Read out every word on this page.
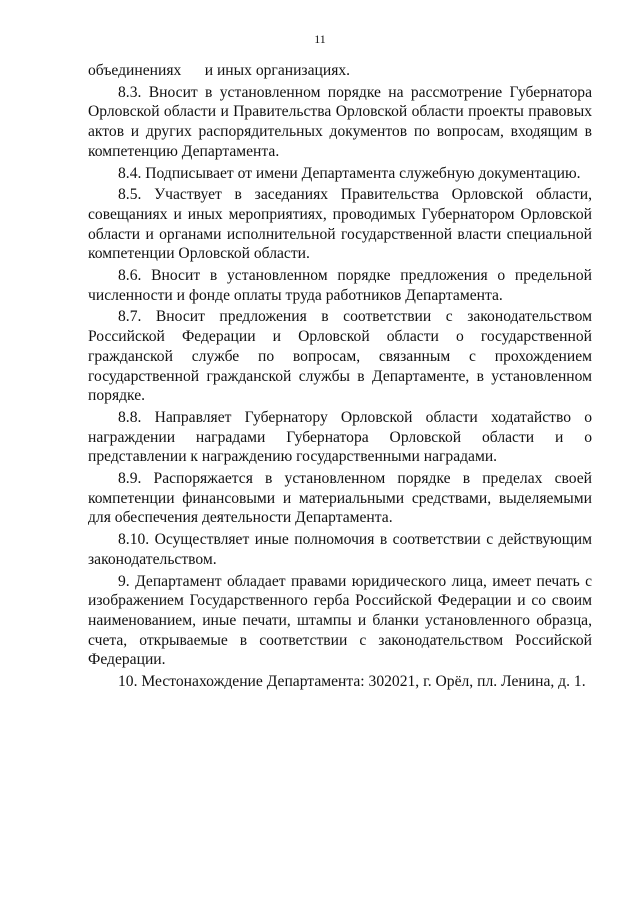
11

объединениях      и иных организациях.

8.3. Вносит в установленном порядке на рассмотрение Губернатора Орловской области и Правительства Орловской области проекты правовых актов и других распорядительных документов по вопросам, входящим в компетенцию Департамента.

8.4. Подписывает от имени Департамента служебную документацию.

8.5. Участвует в заседаниях Правительства Орловской области, совещаниях и иных мероприятиях, проводимых Губернатором Орловской области и органами исполнительной государственной власти специальной компетенции Орловской области.

8.6. Вносит в установленном порядке предложения о предельной численности и фонде оплаты труда работников Департамента.

8.7. Вносит предложения в соответствии с законодательством Российской Федерации и Орловской области о государственной гражданской службе по вопросам, связанным с прохождением государственной гражданской службы в Департаменте, в установленном порядке.

8.8. Направляет Губернатору Орловской области ходатайство о награждении наградами Губернатора Орловской области и о представлении к награждению государственными наградами.

8.9. Распоряжается в установленном порядке в пределах своей компетенции финансовыми и материальными средствами, выделяемыми для обеспечения деятельности Департамента.

8.10. Осуществляет иные полномочия в соответствии с действующим законодательством.

9. Департамент обладает правами юридического лица, имеет печать с изображением Государственного герба Российской Федерации и со своим наименованием, иные печати, штампы и бланки установленного образца, счета, открываемые в соответствии с законодательством Российской Федерации.

10. Местонахождение Департамента: 302021, г. Орёл, пл. Ленина, д. 1.
